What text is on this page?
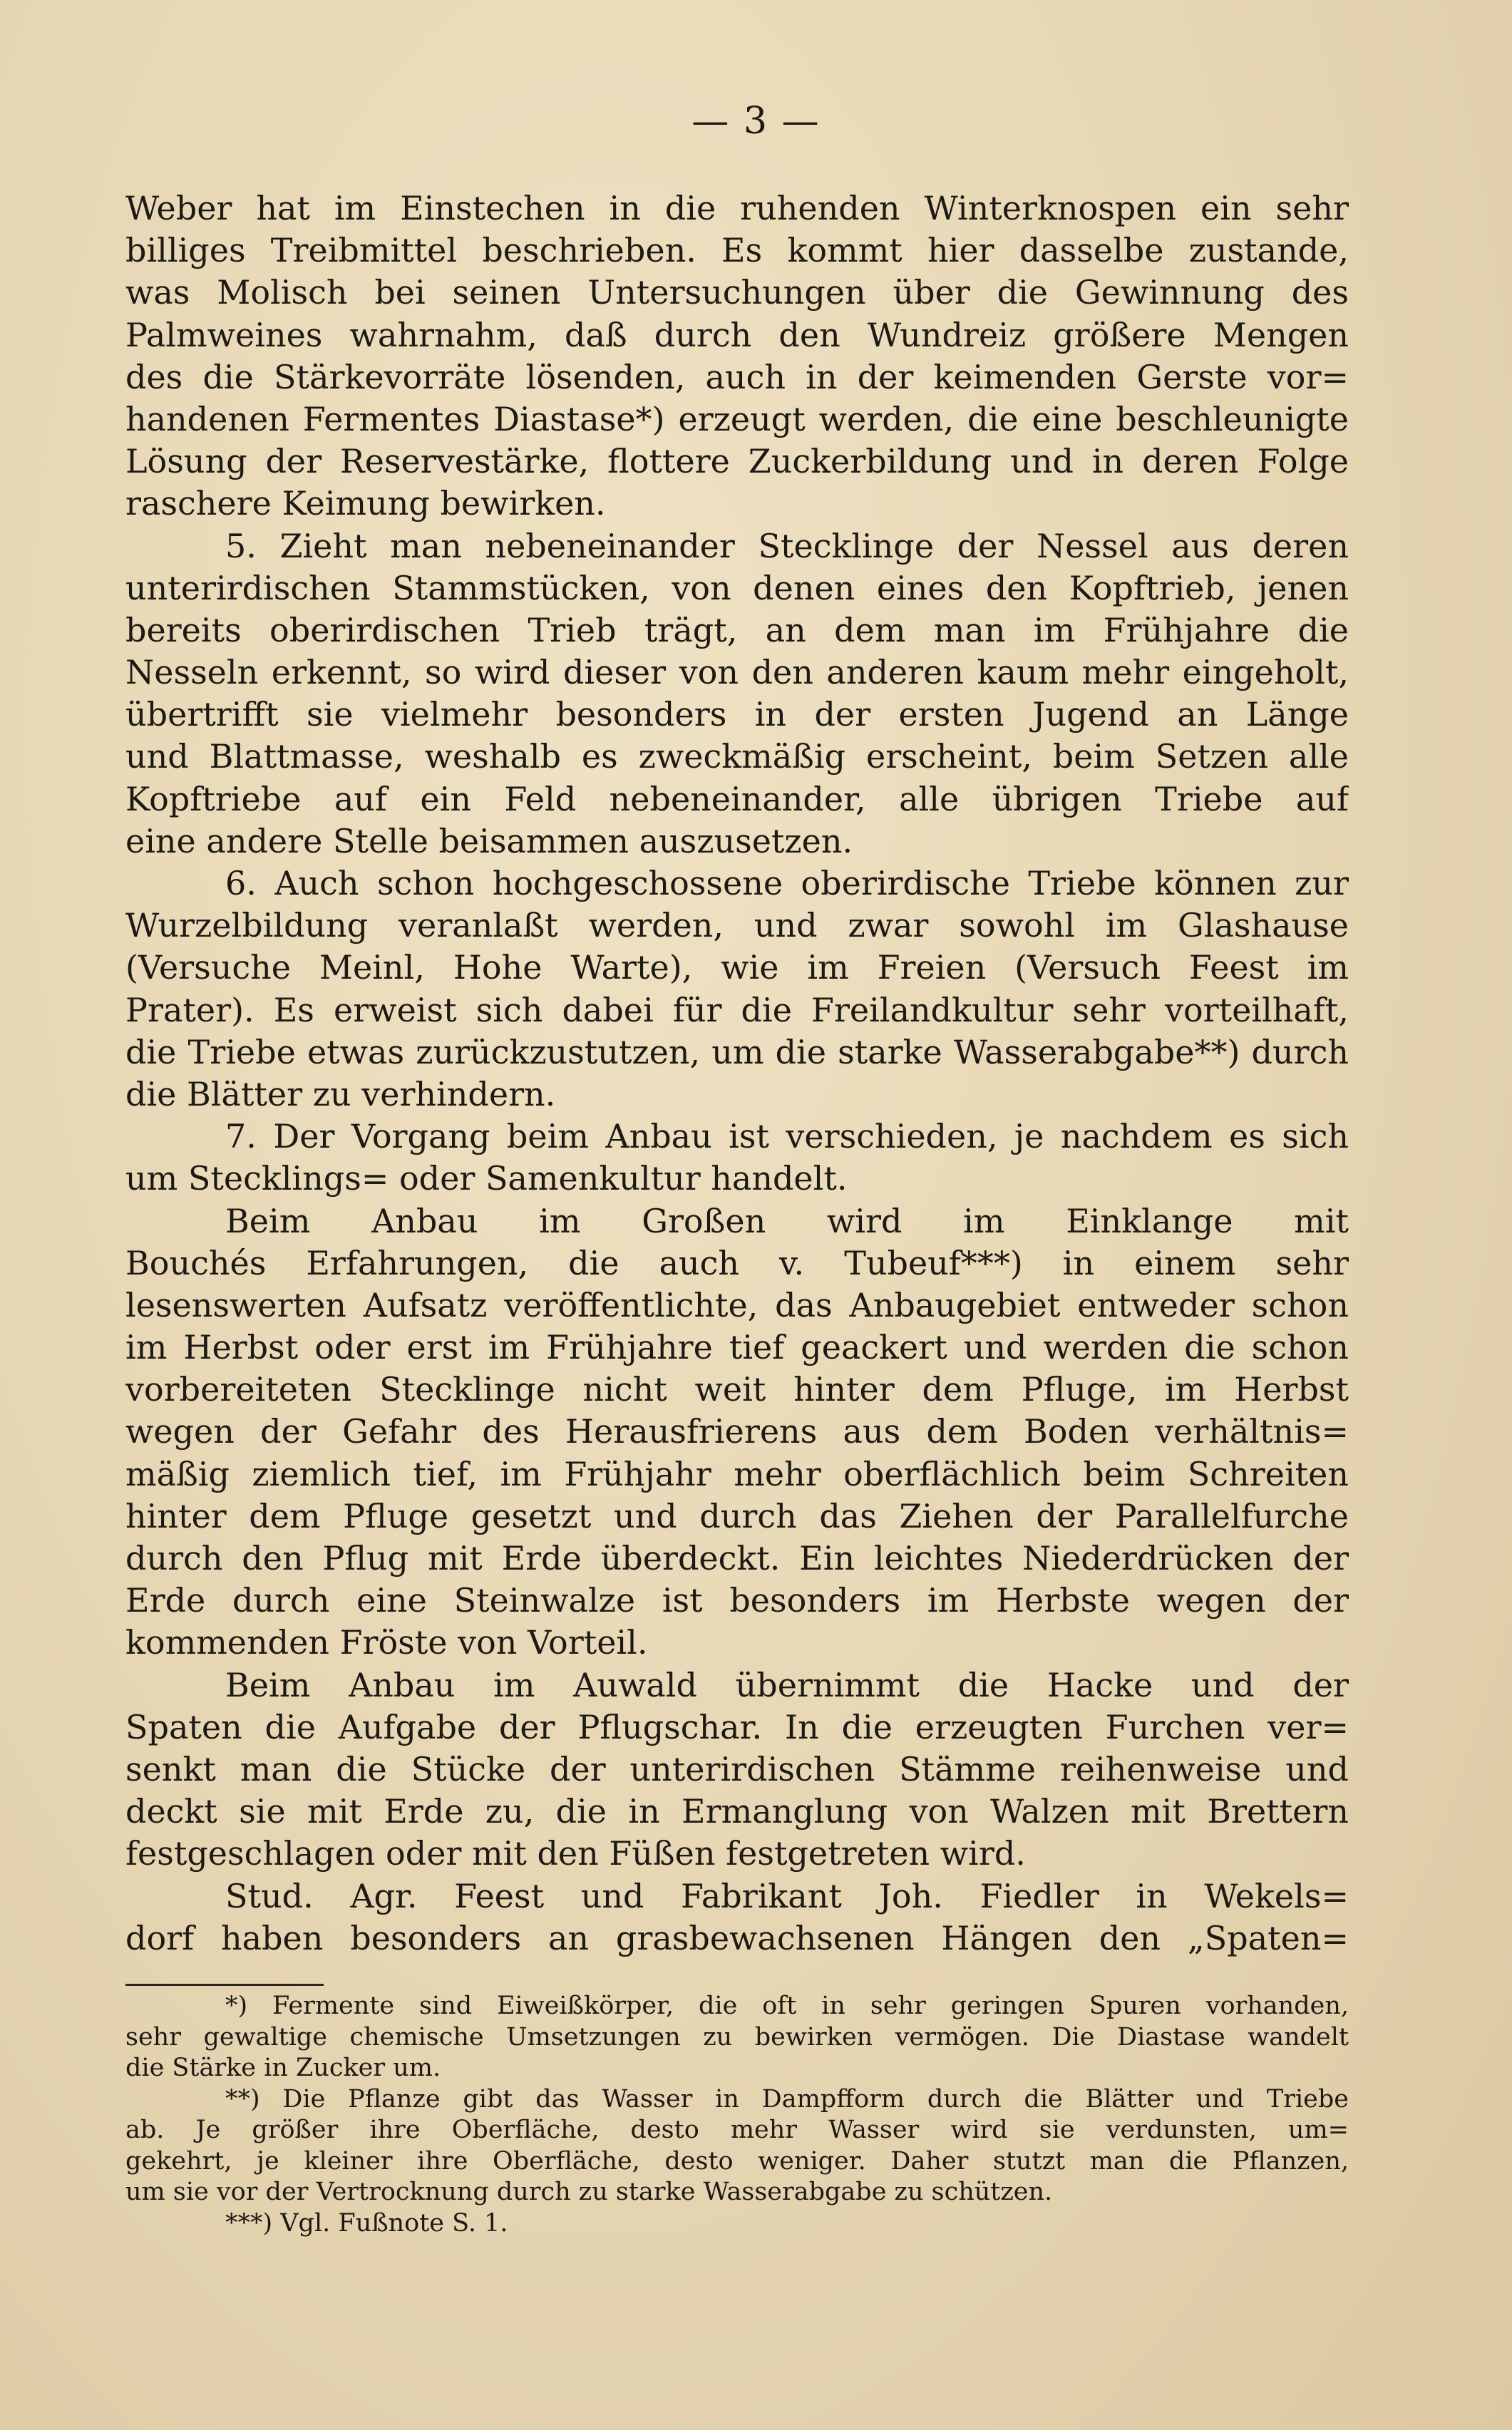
— 3 —
Weber hat im Einstechen in die ruhenden Winterknospen ein sehr
billiges Treibmittel beschrieben. Es kommt hier dasselbe zustande,
was Molisch bei seinen Untersuchungen über die Gewinnung des
Palmweines wahrnahm, daß durch den Wundreiz größere Mengen
des die Stärkevorräte lösenden, auch in der keimenden Gerste vor=
handenen Fermentes Diastase*) erzeugt werden, die eine beschleunigte
Lösung der Reservestärke, flottere Zuckerbildung und in deren Folge
raschere Keimung bewirken.
5. Zieht man nebeneinander Stecklinge der Nessel aus deren
unterirdischen Stammstücken, von denen eines den Kopftrieb, jenen
bereits oberirdischen Trieb trägt, an dem man im Frühjahre die
Nesseln erkennt, so wird dieser von den anderen kaum mehr eingeholt,
übertrifft sie vielmehr besonders in der ersten Jugend an Länge
und Blattmasse, weshalb es zweckmäßig erscheint, beim Setzen alle
Kopftriebe auf ein Feld nebeneinander, alle übrigen Triebe auf
eine andere Stelle beisammen auszusetzen.
6. Auch schon hochgeschossene oberirdische Triebe können zur
Wurzelbildung veranlaßt werden, und zwar sowohl im Glashause
(Versuche Meinl, Hohe Warte), wie im Freien (Versuch Feest im
Prater). Es erweist sich dabei für die Freilandkultur sehr vorteilhaft,
die Triebe etwas zurückzustutzen, um die starke Wasserabgabe**) durch
die Blätter zu verhindern.
7. Der Vorgang beim Anbau ist verschieden, je nachdem es sich
um Stecklings= oder Samenkultur handelt.
Beim Anbau im Großen wird im Einklange mit
Bouchés Erfahrungen, die auch v. Tubeuf***) in einem sehr
lesenswerten Aufsatz veröffentlichte, das Anbaugebiet entweder schon
im Herbst oder erst im Frühjahre tief geackert und werden die schon
vorbereiteten Stecklinge nicht weit hinter dem Pfluge, im Herbst
wegen der Gefahr des Herausfrierens aus dem Boden verhältnis=
mäßig ziemlich tief, im Frühjahr mehr oberflächlich beim Schreiten
hinter dem Pfluge gesetzt und durch das Ziehen der Parallelfurche
durch den Pflug mit Erde überdeckt. Ein leichtes Niederdrücken der
Erde durch eine Steinwalze ist besonders im Herbste wegen der
kommenden Fröste von Vorteil.
Beim Anbau im Auwald übernimmt die Hacke und der
Spaten die Aufgabe der Pflugschar. In die erzeugten Furchen ver=
senkt man die Stücke der unterirdischen Stämme reihenweise und
deckt sie mit Erde zu, die in Ermanglung von Walzen mit Brettern
festgeschlagen oder mit den Füßen festgetreten wird.
Stud. Agr. Feest und Fabrikant Joh. Fiedler in Wekels=
dorf haben besonders an grasbewachsenen Hängen den „Spaten=
*) Fermente sind Eiweißkörper, die oft in sehr geringen Spuren vorhanden,
sehr gewaltige chemische Umsetzungen zu bewirken vermögen. Die Diastase wandelt
die Stärke in Zucker um.
**) Die Pflanze gibt das Wasser in Dampfform durch die Blätter und Triebe
ab. Je größer ihre Oberfläche, desto mehr Wasser wird sie verdunsten, um=
gekehrt, je kleiner ihre Oberfläche, desto weniger. Daher stutzt man die Pflanzen,
um sie vor der Vertrocknung durch zu starke Wasserabgabe zu schützen.
***) Vgl. Fußnote S. 1.
